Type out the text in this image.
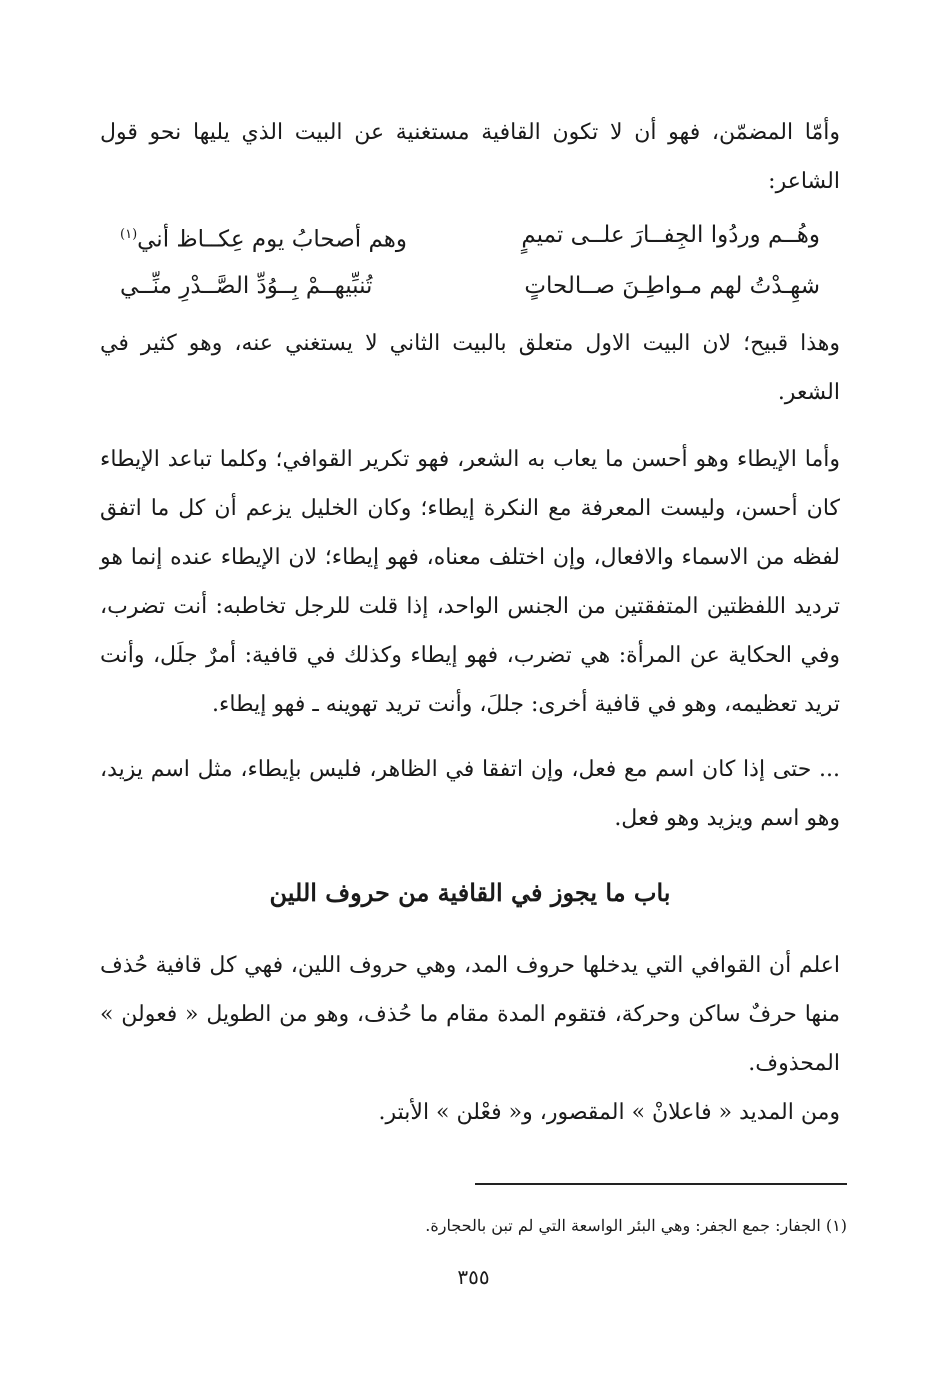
وأمّا المضمّن، فهو أن لا تكون القافية مستغنية عن البيت الذي يليها نحو قول الشاعر:

وهُــم وردُوا الجِفــارَ علــى تميمٍ
وهم أصحابُ يوم عِكــاظ أني$^{(١)}$
شهِـدْتُ لهم مـواطِـنَ صــالحاتٍ
تُنبِّيهــمْ بِــوُدِّ الصَّــدْرِ منِّــي

وهذا قبيح؛ لان البيت الاول متعلق بالبيت الثاني لا يستغني عنه، وهو كثير في الشعر.

وأما الإيطاء وهو أحسن ما يعاب به الشعر، فهو تكرير القوافي؛ وكلما تباعد الإيطاء كان أحسن، وليست المعرفة مع النكرة إيطاء؛ وكان الخليل يزعم أن كل ما اتفق لفظه من الاسماء والافعال، وإن اختلف معناه، فهو إيطاء؛ لان الإيطاء عنده إنما هو ترديد اللفظتين المتفقتين من الجنس الواحد، إذا قلت للرجل تخاطبه: أنت تضرب، وفي الحكاية عن المرأة: هي تضرب، فهو إيطاء وكذلك في قافية: أمرٌ جلَل، وأنت تريد تعظيمه، وهو في قافية أخرى: جللَ، وأنت تريد تهوينه ـ فهو إيطاء.

... حتى إذا كان اسم مع فعل، وإن اتفقا في الظاهر، فليس بإيطاء، مثل اسم يزيد، وهو اسم ويزيد وهو فعل.

باب ما يجوز في القافية من حروف اللين

اعلم أن القوافي التي يدخلها حروف المد، وهي حروف اللين، فهي كل قافية حُذف منها حرفٌ ساكن وحركة، فتقوم المدة مقام ما حُذف، وهو من الطويل « فعولن » المحذوف.

ومن المديد « فاعلانْ » المقصور، و« فعْلن » الأبتر.

(١) الجفار: جمع الجفر: وهي البئر الواسعة التي لم تبن بالحجارة.
٣٥٥
